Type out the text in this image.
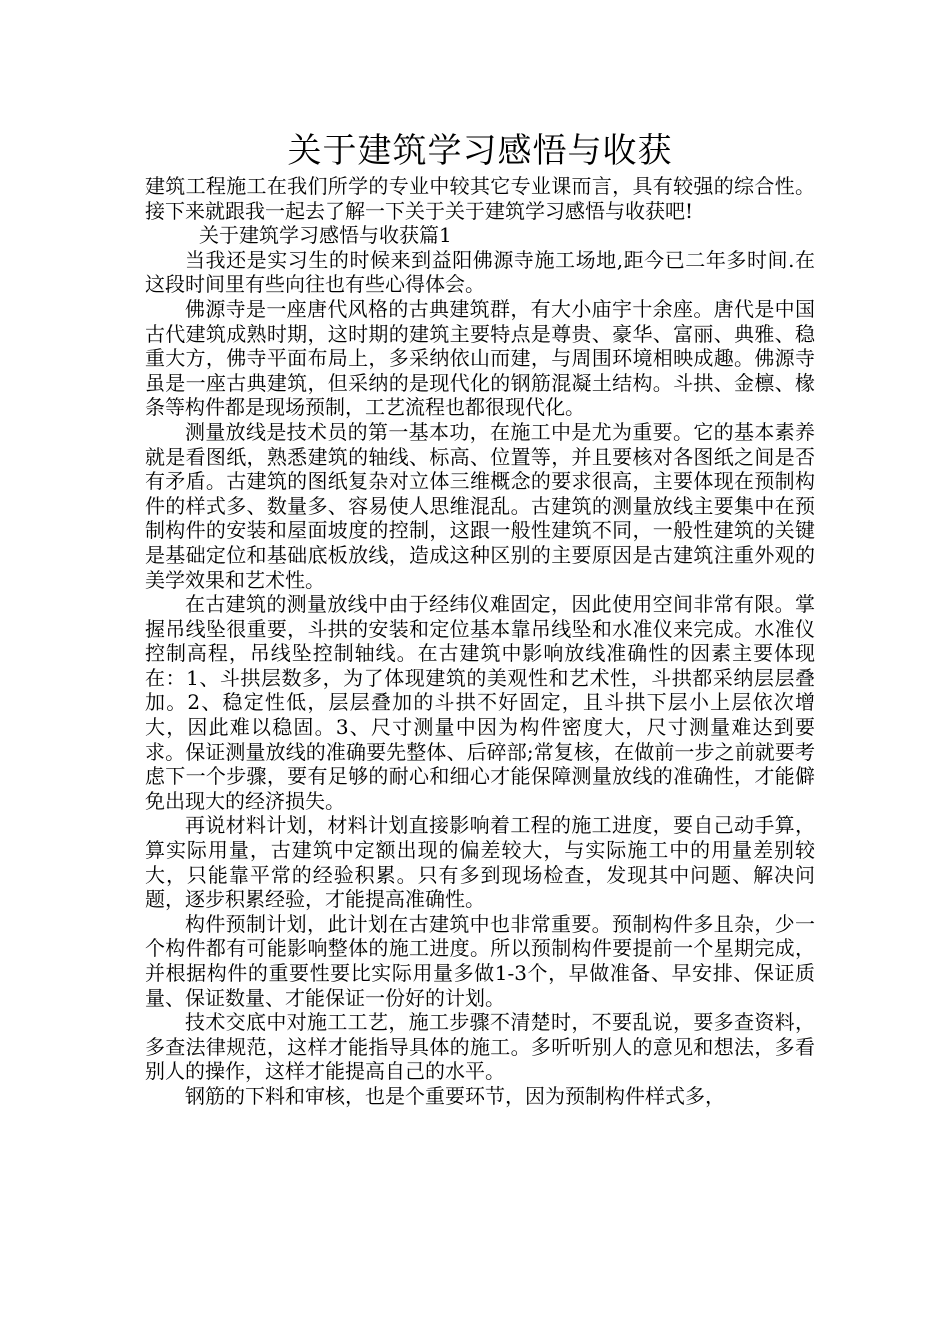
关于建筑学习感悟与收获

建筑工程施工在我们所学的专业中较其它专业课而言，具有较强的综合性。接下来就跟我一起去了解一下关于关于建筑学习感悟与收获吧!

关于建筑学习感悟与收获篇1

当我还是实习生的时候来到益阳佛源寺施工场地,距今已二年多时间.在这段时间里有些向往也有些心得体会。

佛源寺是一座唐代风格的古典建筑群，有大小庙宇十余座。唐代是中国古代建筑成熟时期，这时期的建筑主要特点是尊贵、豪华、富丽、典雅、稳重大方，佛寺平面布局上，多采纳依山而建，与周围环境相映成趣。佛源寺虽是一座古典建筑，但采纳的是现代化的钢筋混凝土结构。斗拱、金檩、椽条等构件都是现场预制，工艺流程也都很现代化。

测量放线是技术员的第一基本功，在施工中是尤为重要。它的基本素养就是看图纸，熟悉建筑的轴线、标高、位置等，并且要核对各图纸之间是否有矛盾。古建筑的图纸复杂对立体三维概念的要求很高，主要体现在预制构件的样式多、数量多、容易使人思维混乱。古建筑的测量放线主要集中在预制构件的安装和屋面坡度的控制，这跟一般性建筑不同，一般性建筑的关键是基础定位和基础底板放线，造成这种区别的主要原因是古建筑注重外观的美学效果和艺术性。

在古建筑的测量放线中由于经纬仪难固定，因此使用空间非常有限。掌握吊线坠很重要，斗拱的安装和定位基本靠吊线坠和水准仪来完成。水准仪控制高程，吊线坠控制轴线。在古建筑中影响放线准确性的因素主要体现在：1、斗拱层数多，为了体现建筑的美观性和艺术性，斗拱都采纳层层叠加。2、稳定性低，层层叠加的斗拱不好固定，且斗拱下层小上层依次增大，因此难以稳固。3、尺寸测量中因为构件密度大，尺寸测量难达到要求。保证测量放线的准确要先整体、后碎部;常复核，在做前一步之前就要考虑下一个步骤，要有足够的耐心和细心才能保障测量放线的准确性，才能僻免出现大的经济损失。

再说材料计划，材料计划直接影响着工程的施工进度，要自己动手算，算实际用量，古建筑中定额出现的偏差较大，与实际施工中的用量差别较大，只能靠平常的经验积累。只有多到现场检查，发现其中问题、解决问题，逐步积累经验，才能提高准确性。

构件预制计划，此计划在古建筑中也非常重要。预制构件多且杂，少一个构件都有可能影响整体的施工进度。所以预制构件要提前一个星期完成，并根据构件的重要性要比实际用量多做1-3个，早做准备、早安排、保证质量、保证数量、才能保证一份好的计划。

技术交底中对施工工艺，施工步骤不清楚时，不要乱说，要多查资料，多查法律规范，这样才能指导具体的施工。多听听别人的意见和想法，多看别人的操作，这样才能提高自己的水平。

钢筋的下料和审核，也是个重要环节，因为预制构件样式多，
